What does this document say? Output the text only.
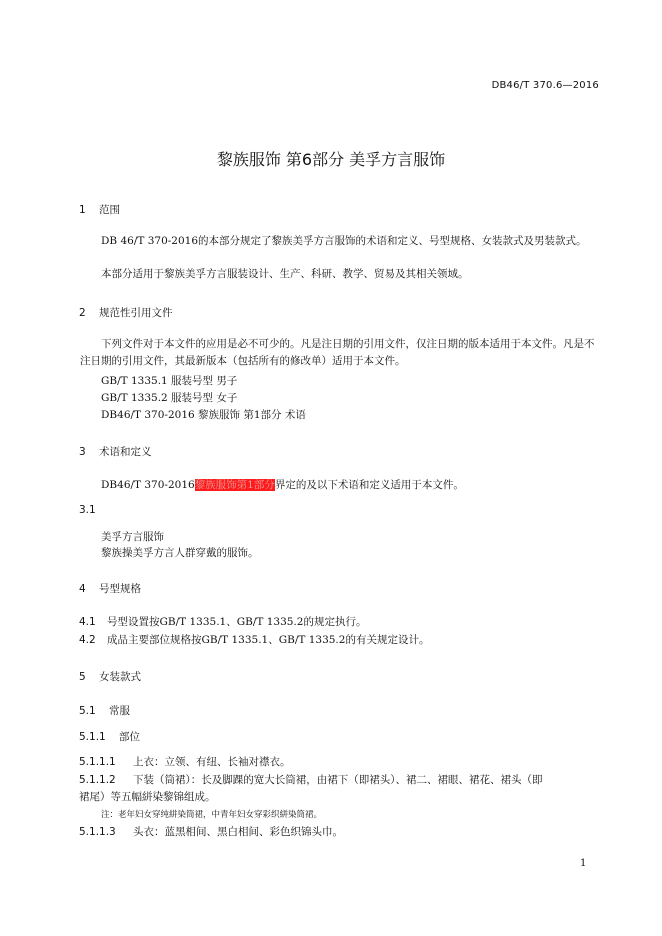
DB46/T 370.6—2016
黎族服饰 第6部分 美孚方言服饰
1 范围
DB 46/T 370-2016的本部分规定了黎族美孚方言服饰的术语和定义、号型规格、女装款式及男装款式。
本部分适用于黎族美孚方言服装设计、生产、科研、教学、贸易及其相关领域。
2 规范性引用文件
下列文件对于本文件的应用是必不可少的。凡是注日期的引用文件，仅注日期的版本适用于本文件。凡是不注日期的引用文件，其最新版本（包括所有的修改单）适用于本文件。
GB/T 1335.1 服装号型 男子
GB/T 1335.2 服装号型 女子
DB46/T 370-2016 黎族服饰 第1部分 术语
3 术语和定义
DB46/T 370-2016黎族服饰第1部分界定的及以下术语和定义适用于本文件。
3.1
美孚方言服饰
黎族操美孚方言人群穿戴的服饰。
4 号型规格
4.1 号型设置按GB/T 1335.1、GB/T 1335.2的规定执行。
4.2 成品主要部位规格按GB/T 1335.1、GB/T 1335.2的有关规定设计。
5 女装款式
5.1 常服
5.1.1 部位
5.1.1.1 上衣：立领、有纽、长袖对襟衣。
5.1.1.2 下装（筒裙）：长及脚踝的宽大长筒裙，由裙下（即裙头）、裙二、裙眼、裙花、裙头（即
裙尾）等五幅絣染黎锦组成。
注：老年妇女穿纯絣染筒裙，中青年妇女穿彩织絣染筒裙。
5.1.1.3 头衣：蓝黑相间、黑白相间、彩色织锦头巾。
1
